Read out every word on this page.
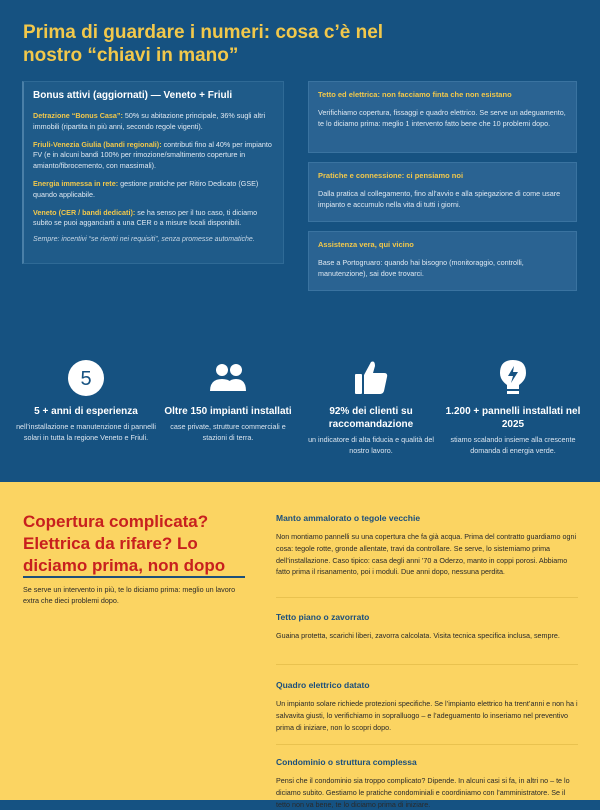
Prima di guardare i numeri: cosa c’è nel nostro “chiavi in mano”
Bonus attivi (aggiornati) — Veneto + Friuli

Detrazione “Bonus Casa”: 50% su abitazione principale, 36% sugli altri immobili (ripartita in più anni, secondo regole vigenti).

Friuli-Venezia Giulia (bandi regionali): contributi fino al 40% per impianto FV (e in alcuni bandi 100% per rimozione/smaltimento coperture in amianto/fibrocemento, con massimali).

Energia immessa in rete: gestione pratiche per Ritiro Dedicato (GSE) quando applicabile.

Veneto (CER / bandi dedicati): se ha senso per il tuo caso, ti diciamo subito se puoi agganciarti a una CER o a misure locali disponibili.

Sempre: incentivi “se rientri nei requisiti”, senza promesse automatiche.

Tetto ed elettrica: non facciamo finta che non esistano
Verifichiamo copertura, fissaggi e quadro elettrico. Se serve un adeguamento, te lo diciamo prima: meglio 1 intervento fatto bene che 10 problemi dopo.
Pratiche e connessione: ci pensiamo noi
Dalla pratica al collegamento, fino all’avvio e alla spiegazione di come usare impianto e accumulo nella vita di tutti i giorni.
Assistenza vera, qui vicino
Base a Portogruaro: quando hai bisogno (monitoraggio, controlli, manutenzione), sai dove trovarci.
5
5 + anni di esperienza
nell’installazione e manutenzione di pannelli solari in tutta la regione Veneto e Friuli.
Oltre 150 impianti installati
case private, strutture commerciali e stazioni di terra.
92% dei clienti su raccomandazione
un indicatore di alta fiducia e qualità del nostro lavoro.
1.200 + pannelli installati nel 2025
stiamo scalando insieme alla crescente domanda di energia verde.
Copertura complicata? Elettrica da rifare? Lo diciamo prima, non dopo

Se serve un intervento in più, te lo diciamo prima: meglio un lavoro extra che dieci problemi dopo.

Manto ammalorato o tegole vecchie
Non montiamo pannelli su una copertura che fa già acqua. Prima del contratto guardiamo ogni cosa: tegole rotte, gronde allentate, travi da controllare. Se serve, lo sistemiamo prima dell’installazione. Caso tipico: casa degli anni ’70 a Oderzo, manto in coppi porosi. Abbiamo fatto prima il risanamento, poi i moduli. Due anni dopo, nessuna perdita.
Tetto piano o zavorrato
Guaina protetta, scarichi liberi, zavorra calcolata. Visita tecnica specifica inclusa, sempre.
Quadro elettrico datato
Un impianto solare richiede protezioni specifiche. Se l’impianto elettrico ha trent’anni e non ha i salvavita giusti, lo verifichiamo in sopralluogo – e l’adeguamento lo inseriamo nel preventivo prima di iniziare, non lo scopri dopo.
Condominio o struttura complessa
Pensi che il condominio sia troppo complicato? Dipende. In alcuni casi si fa, in altri no – te lo diciamo subito. Gestiamo le pratiche condominiali e coordiniamo con l’amministratore. Se il tetto non va bene, te lo diciamo prima di iniziare.
